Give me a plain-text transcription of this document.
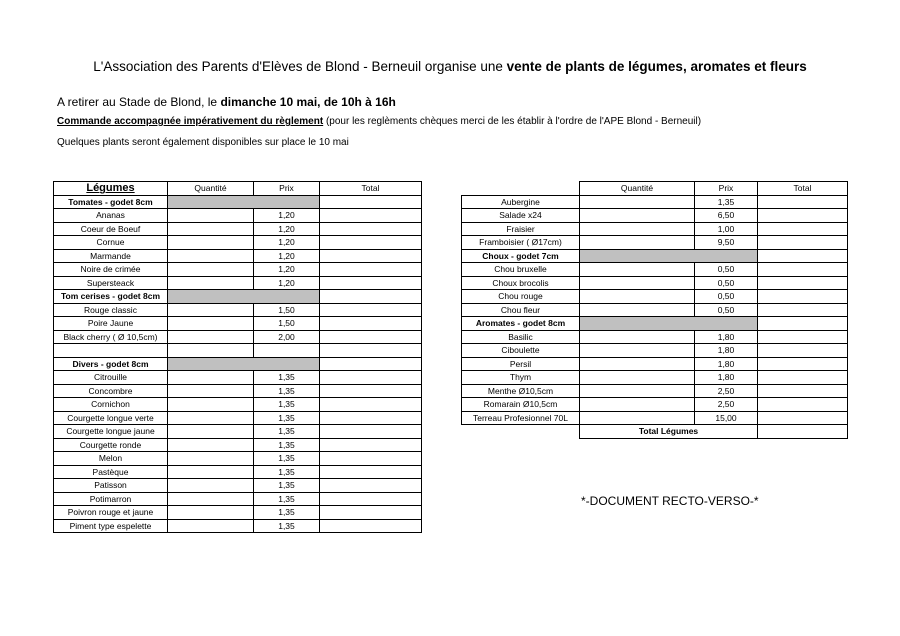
L'Association des Parents d'Elèves de Blond - Berneuil organise une vente de plants de légumes, aromates et fleurs
A retirer au Stade de Blond, le dimanche 10 mai, de 10h à 16h
Commande accompagnée impérativement du règlement (pour les reglèments chèques merci de les établir à l'ordre de l'APE Blond - Berneuil)
Quelques plants seront également disponibles sur place le 10 mai
Légumes	Quantité	Prix	Total
Tomates - godet 8cm			
Ananas		1,20	
Coeur de Boeuf		1,20	
Cornue		1,20	
Marmande		1,20	
Noire de crimée		1,20	
Supersteack		1,20	
Tom cerises - godet 8cm			
Rouge classic		1,50	
Poire Jaune		1,50	
Black cherry ( Ø 10,5cm)		2,00	

Divers - godet 8cm			
Citrouille		1,35	
Concombre		1,35	
Cornichon		1,35	
Courgette longue verte		1,35	
Courgette longue jaune		1,35	
Courgette ronde		1,35	
Melon		1,35	
Pastèque		1,35	
Patisson		1,35	
Potimarron		1,35	
Poivron rouge et jaune		1,35	
Piment type espelette		1,35	
	Quantité	Prix	Total
Aubergine		1,35	
Salade x24		6,50	
Fraisier		1,00	
Framboisier ( Ø17cm)		9,50	
Choux - godet 7cm			
Chou bruxelle		0,50	
Choux brocolis		0,50	
Chou rouge		0,50	
Chou fleur		0,50	
Aromates - godet 8cm			
Basilic		1,80	
Ciboulette		1,80	
Persil		1,80	
Thym		1,80	
Menthe Ø10,5cm		2,50	
Romarain Ø10,5cm		2,50	
Terreau Profesionnel 70L		15,00	
	Total Légumes		
*-DOCUMENT RECTO-VERSO-*
